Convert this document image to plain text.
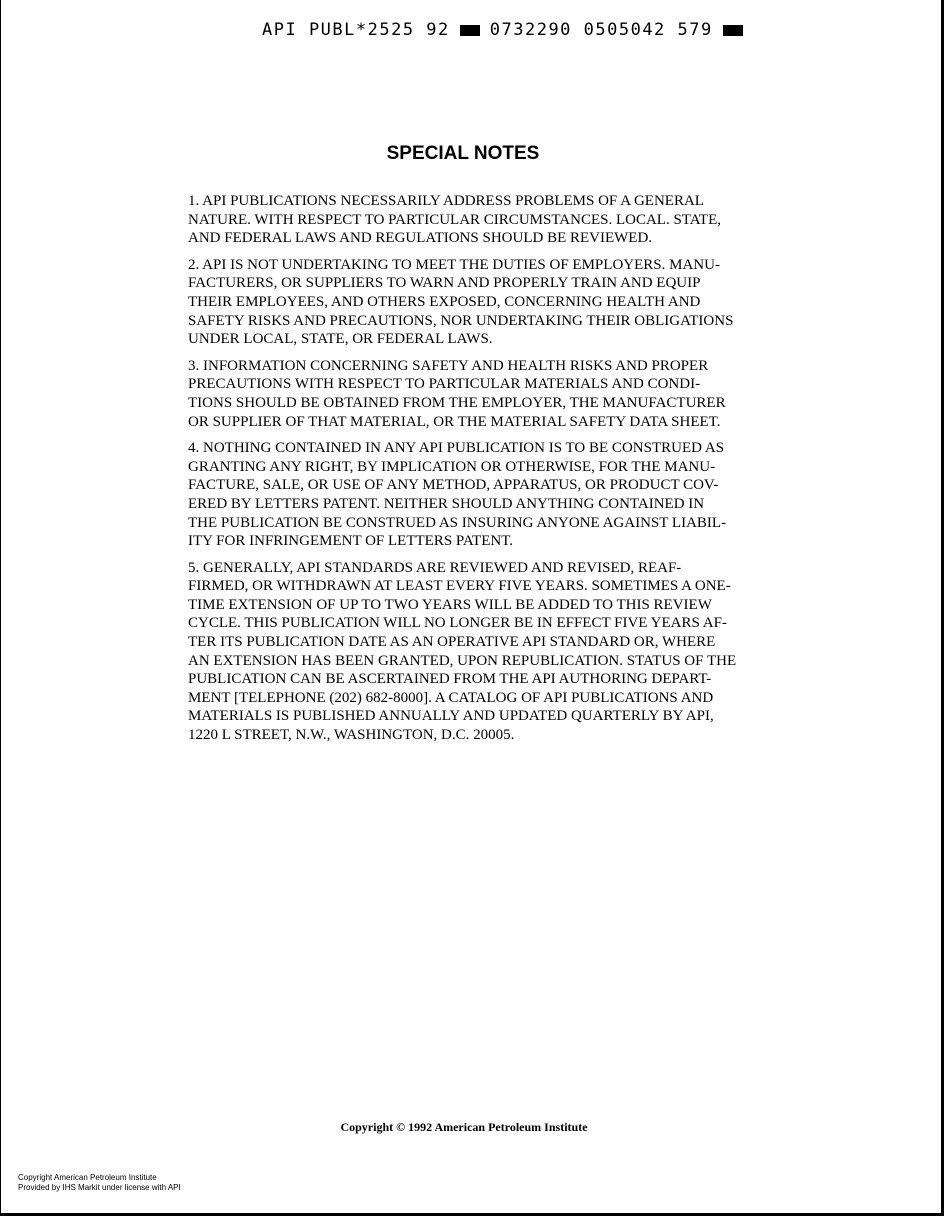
API PUBL*2525 92 0732290 0505042 579
SPECIAL NOTES

1. API PUBLICATIONS NECESSARILY ADDRESS PROBLEMS OF A GENERAL
NATURE. WITH RESPECT TO PARTICULAR CIRCUMSTANCES. LOCAL. STATE,
AND FEDERAL LAWS AND REGULATIONS SHOULD BE REVIEWED.

2. API IS NOT UNDERTAKING TO MEET THE DUTIES OF EMPLOYERS. MANU-
FACTURERS, OR SUPPLIERS TO WARN AND PROPERLY TRAIN AND EQUIP
THEIR EMPLOYEES, AND OTHERS EXPOSED, CONCERNING HEALTH AND
SAFETY RISKS AND PRECAUTIONS, NOR UNDERTAKING THEIR OBLIGATIONS
UNDER LOCAL, STATE, OR FEDERAL LAWS.

3. INFORMATION CONCERNING SAFETY AND HEALTH RISKS AND PROPER
PRECAUTIONS WITH RESPECT TO PARTICULAR MATERIALS AND CONDI-
TIONS SHOULD BE OBTAINED FROM THE EMPLOYER, THE MANUFACTURER
OR SUPPLIER OF THAT MATERIAL, OR THE MATERIAL SAFETY DATA SHEET.

4. NOTHING CONTAINED IN ANY API PUBLICATION IS TO BE CONSTRUED AS
GRANTING ANY RIGHT, BY IMPLICATION OR OTHERWISE, FOR THE MANU-
FACTURE, SALE, OR USE OF ANY METHOD, APPARATUS, OR PRODUCT COV-
ERED BY LETTERS PATENT. NEITHER SHOULD ANYTHING CONTAINED IN
THE PUBLICATION BE CONSTRUED AS INSURING ANYONE AGAINST LIABIL-
ITY FOR INFRINGEMENT OF LETTERS PATENT.

5. GENERALLY, API STANDARDS ARE REVIEWED AND REVISED, REAF-
FIRMED, OR WITHDRAWN AT LEAST EVERY FIVE YEARS. SOMETIMES A ONE-
TIME EXTENSION OF UP TO TWO YEARS WILL BE ADDED TO THIS REVIEW
CYCLE. THIS PUBLICATION WILL NO LONGER BE IN EFFECT FIVE YEARS AF-
TER ITS PUBLICATION DATE AS AN OPERATIVE API STANDARD OR, WHERE
AN EXTENSION HAS BEEN GRANTED, UPON REPUBLICATION. STATUS OF THE
PUBLICATION CAN BE ASCERTAINED FROM THE API AUTHORING DEPART-
MENT [TELEPHONE (202) 682-8000]. A CATALOG OF API PUBLICATIONS AND
MATERIALS IS PUBLISHED ANNUALLY AND UPDATED QUARTERLY BY API,
1220 L STREET, N.W., WASHINGTON, D.C. 20005.

Copyright © 1992 American Petroleum Institute
Copyright American Petroleum Institute
Provided by IHS Markit under license with API
